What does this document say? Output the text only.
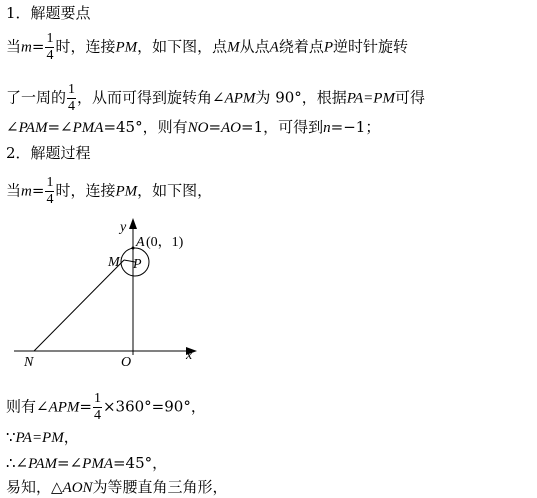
1．解题要点
当$m= \frac{1}{4}$ 时，连接PM，如下图，点M从点A绕着点P逆时针旋转
了一周的 $\frac{1}{4}$ ，从而可得到旋转角∠APM为 90°，根据PA=PM可得
∠PAM=∠PMA=45°，则有NO=AO=1，可得到n=−1；
2．解题过程
当$m= \frac{1}{4}$ 时，连接PM，如下图，
y
x
A (0，1)
M P
N	O
则有∠APM= $\frac{1}{4} \times 360^\circ=90^\circ$，
∵PA=PM，
∴∠PAM=∠PMA=45°，
易知，△AON为等腰直角三角形，
